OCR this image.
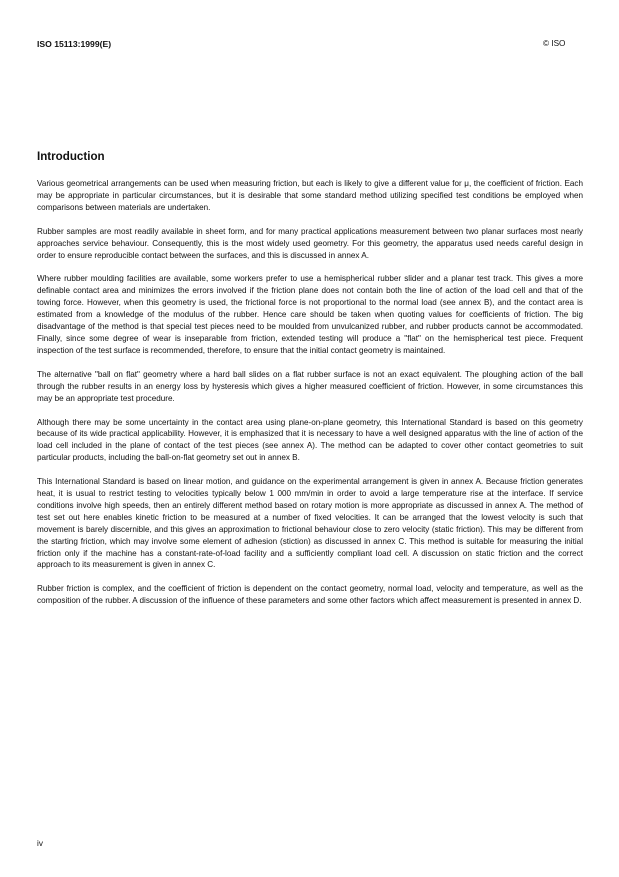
ISO 15113:1999(E)	© ISO
Introduction

Various geometrical arrangements can be used when measuring friction, but each is likely to give a different value for μ, the coefficient of friction. Each may be appropriate in particular circumstances, but it is desirable that some standard method utilizing specified test conditions be employed when comparisons between materials are undertaken.

Rubber samples are most readily available in sheet form, and for many practical applications measurement between two planar surfaces most nearly approaches service behaviour. Consequently, this is the most widely used geometry. For this geometry, the apparatus used needs careful design in order to ensure reproducible contact between the surfaces, and this is discussed in annex A.

Where rubber moulding facilities are available, some workers prefer to use a hemispherical rubber slider and a planar test track. This gives a more definable contact area and minimizes the errors involved if the friction plane does not contain both the line of action of the load cell and that of the towing force. However, when this geometry is used, the frictional force is not proportional to the normal load (see annex B), and the contact area is estimated from a knowledge of the modulus of the rubber. Hence care should be taken when quoting values for coefficients of friction. The big disadvantage of the method is that special test pieces need to be moulded from unvulcanized rubber, and rubber products cannot be accommodated. Finally, since some degree of wear is inseparable from friction, extended testing will produce a "flat" on the hemispherical test piece. Frequent inspection of the test surface is recommended, therefore, to ensure that the initial contact geometry is maintained.

The alternative "ball on flat" geometry where a hard ball slides on a flat rubber surface is not an exact equivalent. The ploughing action of the ball through the rubber results in an energy loss by hysteresis which gives a higher measured coefficient of friction. However, in some circumstances this may be an appropriate test procedure.

Although there may be some uncertainty in the contact area using plane-on-plane geometry, this International Standard is based on this geometry because of its wide practical applicability. However, it is emphasized that it is necessary to have a well designed apparatus with the line of action of the load cell included in the plane of contact of the test pieces (see annex A). The method can be adapted to cover other contact geometries to suit particular products, including the ball-on-flat geometry set out in annex B.

This International Standard is based on linear motion, and guidance on the experimental arrangement is given in annex A. Because friction generates heat, it is usual to restrict testing to velocities typically below 1 000 mm/min in order to avoid a large temperature rise at the interface. If service conditions involve high speeds, then an entirely different method based on rotary motion is more appropriate as discussed in annex A. The method of test set out here enables kinetic friction to be measured at a number of fixed velocities. It can be arranged that the lowest velocity is such that movement is barely discernible, and this gives an approximation to frictional behaviour close to zero velocity (static friction). This may be different from the starting friction, which may involve some element of adhesion (stiction) as discussed in annex C. This method is suitable for measuring the initial friction only if the machine has a constant-rate-of-load facility and a sufficiently compliant load cell. A discussion on static friction and the correct approach to its measurement is given in annex C.

Rubber friction is complex, and the coefficient of friction is dependent on the contact geometry, normal load, velocity and temperature, as well as the composition of the rubber. A discussion of the influence of these parameters and some other factors which affect measurement is presented in annex D.

iv
